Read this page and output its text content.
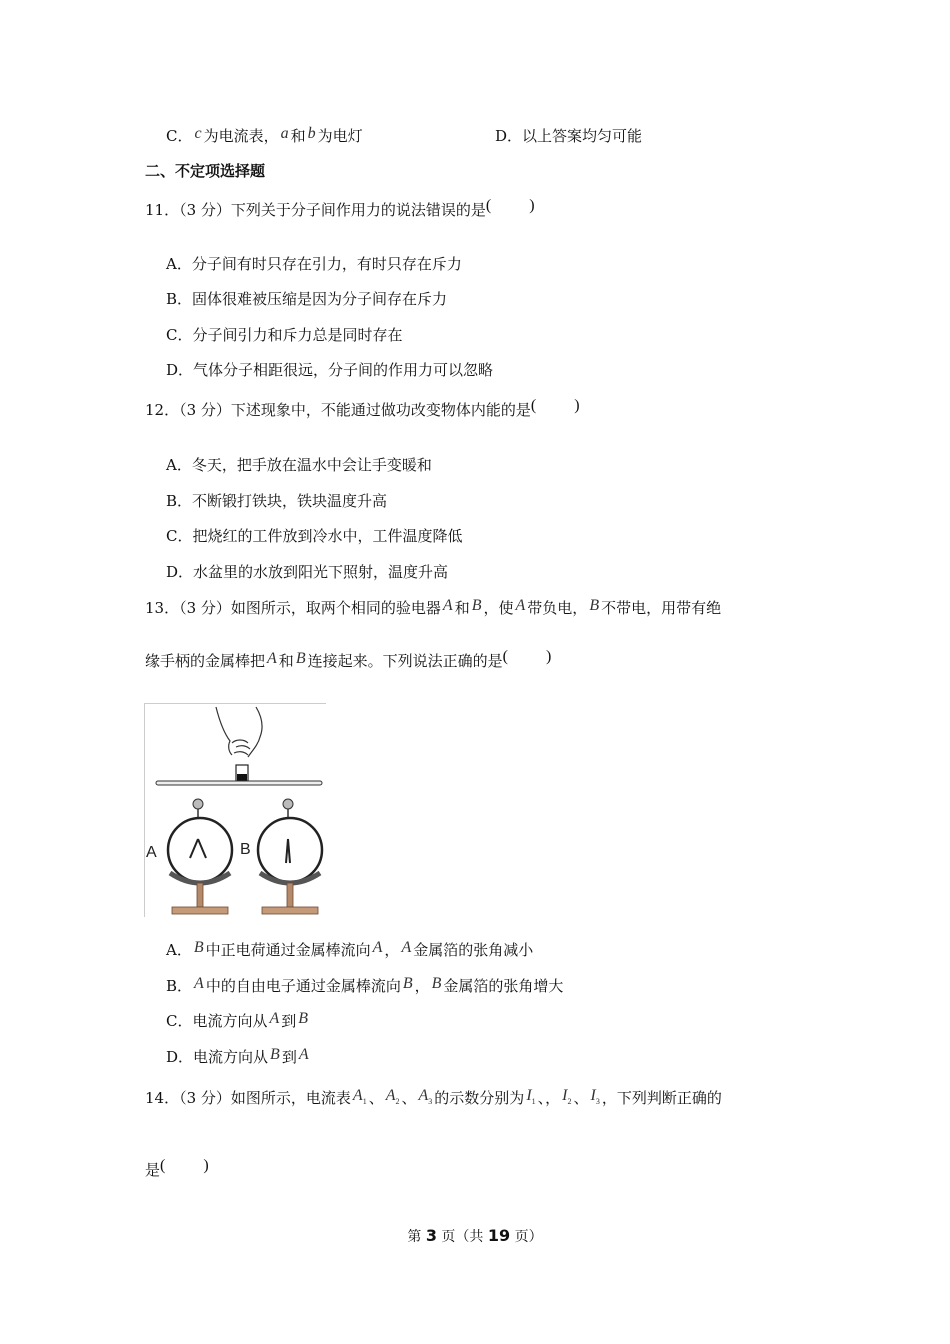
C． c 为电流表， a 和 b 为电灯	D．以上答案均匀可能
二、不定项选择题
11．（3 分）下列关于分子间作用力的说法错误的是( )
A．分子间有时只存在引力，有时只存在斥力
B．固体很难被压缩是因为分子间存在斥力
C．分子间引力和斥力总是同时存在
D．气体分子相距很远，分子间的作用力可以忽略
12．（3 分）下述现象中，不能通过做功改变物体内能的是( )
A．冬天，把手放在温水中会让手变暖和
B．不断锻打铁块，铁块温度升高
C．把烧红的工件放到冷水中，工件温度降低
D．水盆里的水放到阳光下照射，温度升高
13．（3 分）如图所示，取两个相同的验电器 A 和 B ，使 A 带负电， B 不带电，用带有绝
缘手柄的金属棒把 A 和 B 连接起来。下列说法正确的是( )
A	B
A． B 中正电荷通过金属棒流向 A ， A 金属箔的张角减小
B． A 中的自由电子通过金属棒流向 B ， B 金属箔的张角增大
C．电流方向从 A 到 B
D．电流方向从 B 到 A
14．（3 分）如图所示，电流表 $A_1$ 、 $A_2$ 、 $A_3$ 的示数分别为 $I_1$ 、， $I_2$ 、 $I_3$ ，下列判断正确的
是( )
第 3 页（共 19 页）
